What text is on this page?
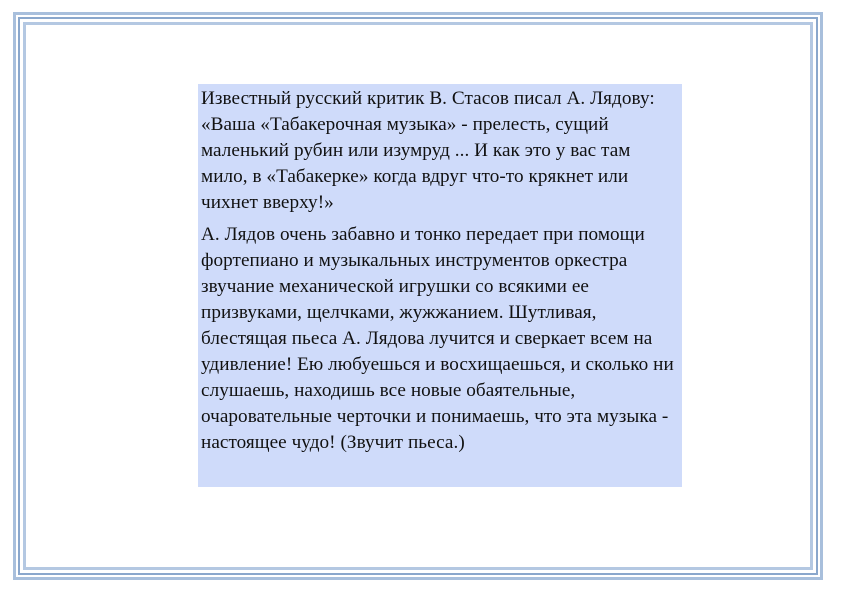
Известный русский критик В. Стасов писал А. Лядову: «Ваша «Табакерочная музыка» - прелесть, сущий маленький рубин или изумруд ... И как это у вас там мило, в «Табакерке» когда вдруг что-то крякнет или чихнет вверху!»

А. Лядов очень забавно и тонко передает при помощи фортепиано и музыкальных инструментов оркестра звучание механической игрушки со всякими ее призвуками, щелчками, жужжанием. Шутливая, блестящая пьеса А. Лядова лучится и сверкает всем на удивление! Ею любуешься и восхищаешься, и сколько ни слушаешь, находишь все новые обаятельные, очаровательные черточки и понимаешь, что эта музыка - настоящее чудо! (Звучит пьеса.)
